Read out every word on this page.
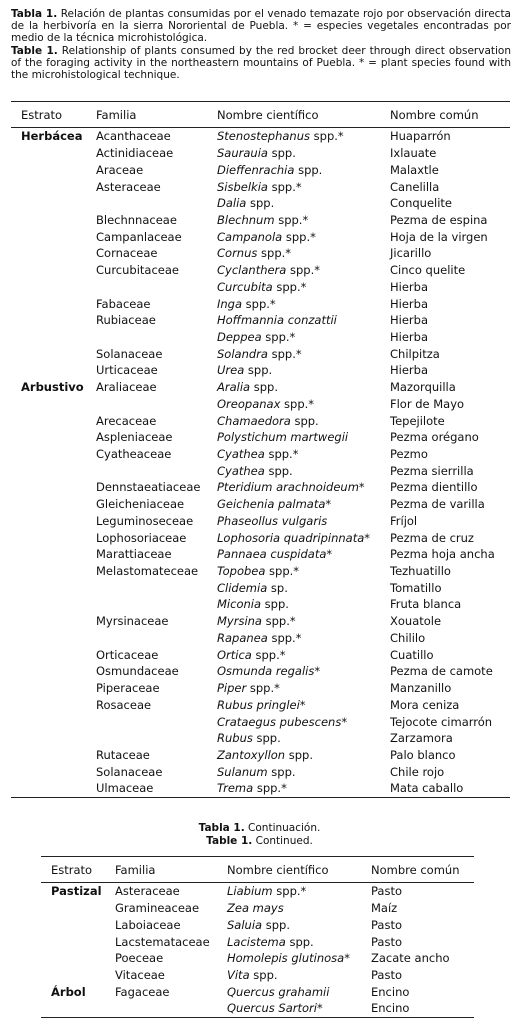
Tabla 1. Relación de plantas consumidas por el venado temazate rojo por observación directa de la herbivoría en la sierra Nororiental de Puebla. * = especies vegetales encontradas por medio de la técnica microhistológica.
Table 1. Relationship of plants consumed by the red brocket deer through direct observation of the foraging activity in the northeastern mountains of Puebla. * = plant species found with the microhistological technique.
Estrato	Familia	Nombre científico	Nombre común
Herbácea	Acanthaceae	Stenostephanus spp.*	Huaparrón
	Actinidiaceae	Saurauia spp.	Ixlauate
	Araceae	Dieffenrachia spp.	Malaxtle
	Asteraceae	Sisbelkia spp.*	Canelilla
		Dalia spp.	Conquelite
	Blechnnaceae	Blechnum spp.*	Pezma de espina
	Campanlaceae	Campanola spp.*	Hoja de la virgen
	Cornaceae	Cornus spp.*	Jicarillo
	Curcubitaceae	Cyclanthera spp.*	Cinco quelite
		Curcubita spp.*	Hierba
	Fabaceae	Inga spp.*	Hierba
	Rubiaceae	Hoffmannia conzattii	Hierba
		Deppea spp.*	Hierba
	Solanaceae	Solandra spp.*	Chilpitza
	Urticaceae	Urea spp.	Hierba
Arbustivo	Araliaceae	Aralia spp.	Mazorquilla
		Oreopanax spp.*	Flor de Mayo
	Arecaceae	Chamaedora spp.	Tepejilote
	Aspleniaceae	Polystichum martwegii	Pezma orégano
	Cyatheaceae	Cyathea spp.*	Pezmo
		Cyathea spp.	Pezma sierrilla
	Dennstaeatiaceae	Pteridium arachnoideum*	Pezma dientillo
	Gleicheniaceae	Geichenia palmata*	Pezma de varilla
	Leguminoseceae	Phaseollus vulgaris	Fríjol
	Lophosoriaceae	Lophosoria quadripinnata*	Pezma de cruz
	Marattiaceae	Pannaea cuspidata*	Pezma hoja ancha
	Melastomateceae	Topobea spp.*	Tezhuatillo
		Clidemia sp.	Tomatillo
		Miconia spp.	Fruta blanca
	Myrsinaceae	Myrsina spp.*	Xouatole
		Rapanea spp.*	Chililo
	Orticaceae	Ortica spp.*	Cuatillo
	Osmundaceae	Osmunda regalis*	Pezma de camote
	Piperaceae	Piper spp.*	Manzanillo
	Rosaceae	Rubus pringlei*	Mora ceniza
		Crataegus pubescens*	Tejocote cimarrón
		Rubus spp.	Zarzamora
	Rutaceae	Zantoxyllon spp.	Palo blanco
	Solanaceae	Sulanum spp.	Chile rojo
	Ulmaceae	Trema spp.*	Mata caballo
Tabla 1. Continuación.
Table 1. Continued.
Estrato	Familia	Nombre científico	Nombre común
Pastizal	Asteraceae	Liabium spp.*	Pasto
	Gramineaceae	Zea mays	Maíz
	Laboiaceae	Saluia spp.	Pasto
	Lacstemataceae	Lacistema spp.	Pasto
	Poeceae	Homolepis glutinosa*	Zacate ancho
	Vitaceae	Vita spp.	Pasto
Árbol	Fagaceae	Quercus grahamii	Encino
		Quercus Sartori*	Encino
